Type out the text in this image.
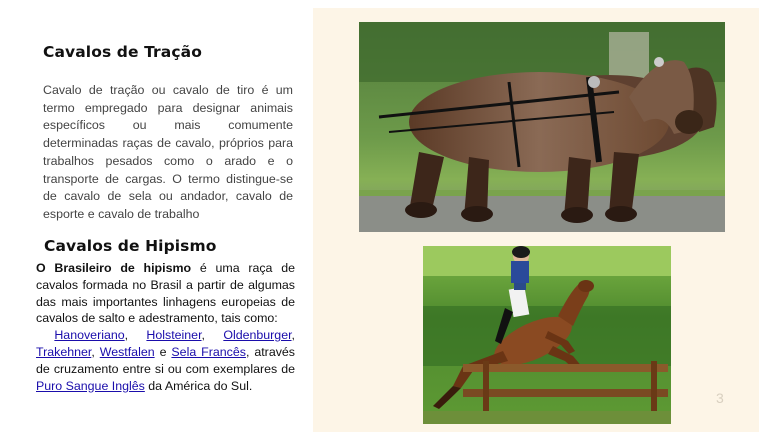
Cavalos de Tração

Cavalo de tração ou cavalo de tiro é um termo empregado para designar animais específicos ou mais comumente determinadas raças de cavalo, próprios para trabalhos pesados como o arado e o transporte de cargas. O termo distingue-se de cavalo de sela ou andador, cavalo de esporte e cavalo de trabalho

Cavalos de Hipismo

O Brasileiro de hipismo é uma raça de cavalos formada no Brasil a partir de algumas das mais importantes linhagens europeias de cavalos de salto e adestramento, tais como:
Hanoveriano, Holsteiner, Oldenburger, Trakehner, Westfalen e Sela Francês, através de cruzamento entre si ou com exemplares de Puro Sangue Inglês da América do Sul.

3
